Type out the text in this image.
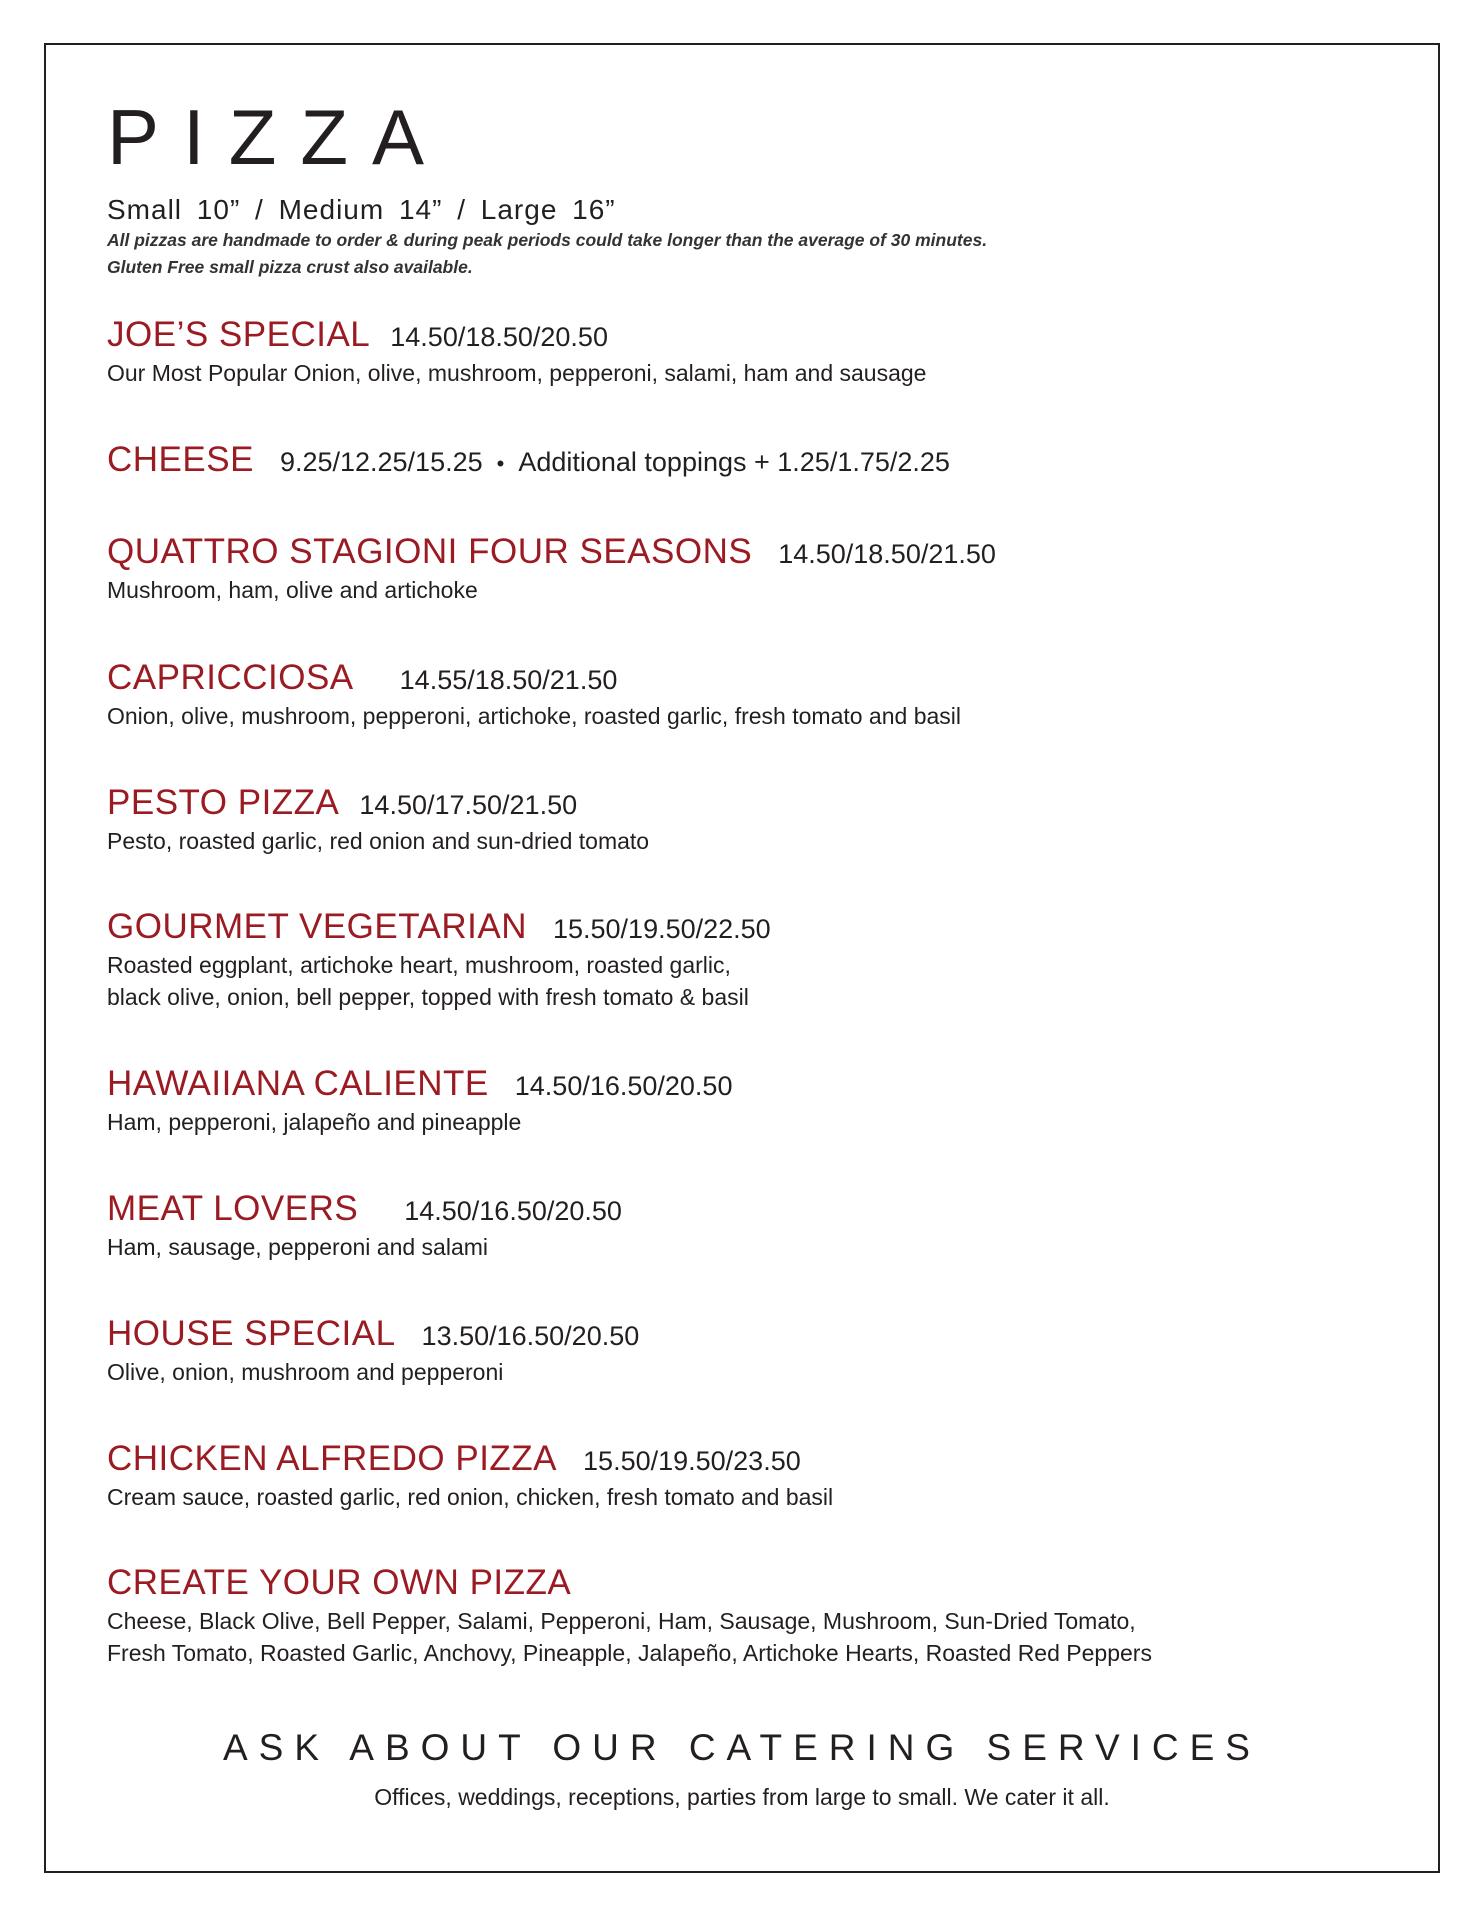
PIZZA
Small 10” / Medium 14” / Large 16”
All pizzas are handmade to order & during peak periods could take longer than the average of 30 minutes.
Gluten Free small pizza crust also available.
JOE’S SPECIAL 14.50/18.50/20.50
Our Most Popular Onion, olive, mushroom, pepperoni, salami, ham and sausage
CHEESE 9.25/12.25/15.25 • Additional toppings + 1.25/1.75/2.25
QUATTRO STAGIONI FOUR SEASONS 14.50/18.50/21.50
Mushroom, ham, olive and artichoke
CAPRICCIOSA 14.55/18.50/21.50
Onion, olive, mushroom, pepperoni, artichoke, roasted garlic, fresh tomato and basil
PESTO PIZZA 14.50/17.50/21.50
Pesto, roasted garlic, red onion and sun-dried tomato
GOURMET VEGETARIAN 15.50/19.50/22.50
Roasted eggplant, artichoke heart, mushroom, roasted garlic,
black olive, onion, bell pepper, topped with fresh tomato & basil
HAWAIIANA CALIENTE 14.50/16.50/20.50
Ham, pepperoni, jalapeño and pineapple
MEAT LOVERS 14.50/16.50/20.50
Ham, sausage, pepperoni and salami
HOUSE SPECIAL 13.50/16.50/20.50
Olive, onion, mushroom and pepperoni
CHICKEN ALFREDO PIZZA 15.50/19.50/23.50
Cream sauce, roasted garlic, red onion, chicken, fresh tomato and basil
CREATE YOUR OWN PIZZA
Cheese, Black Olive, Bell Pepper, Salami, Pepperoni, Ham, Sausage, Mushroom, Sun-Dried Tomato,
Fresh Tomato, Roasted Garlic, Anchovy, Pineapple, Jalapeño, Artichoke Hearts, Roasted Red Peppers
ASK ABOUT OUR CATERING SERVICES
Offices, weddings, receptions, parties from large to small. We cater it all.
